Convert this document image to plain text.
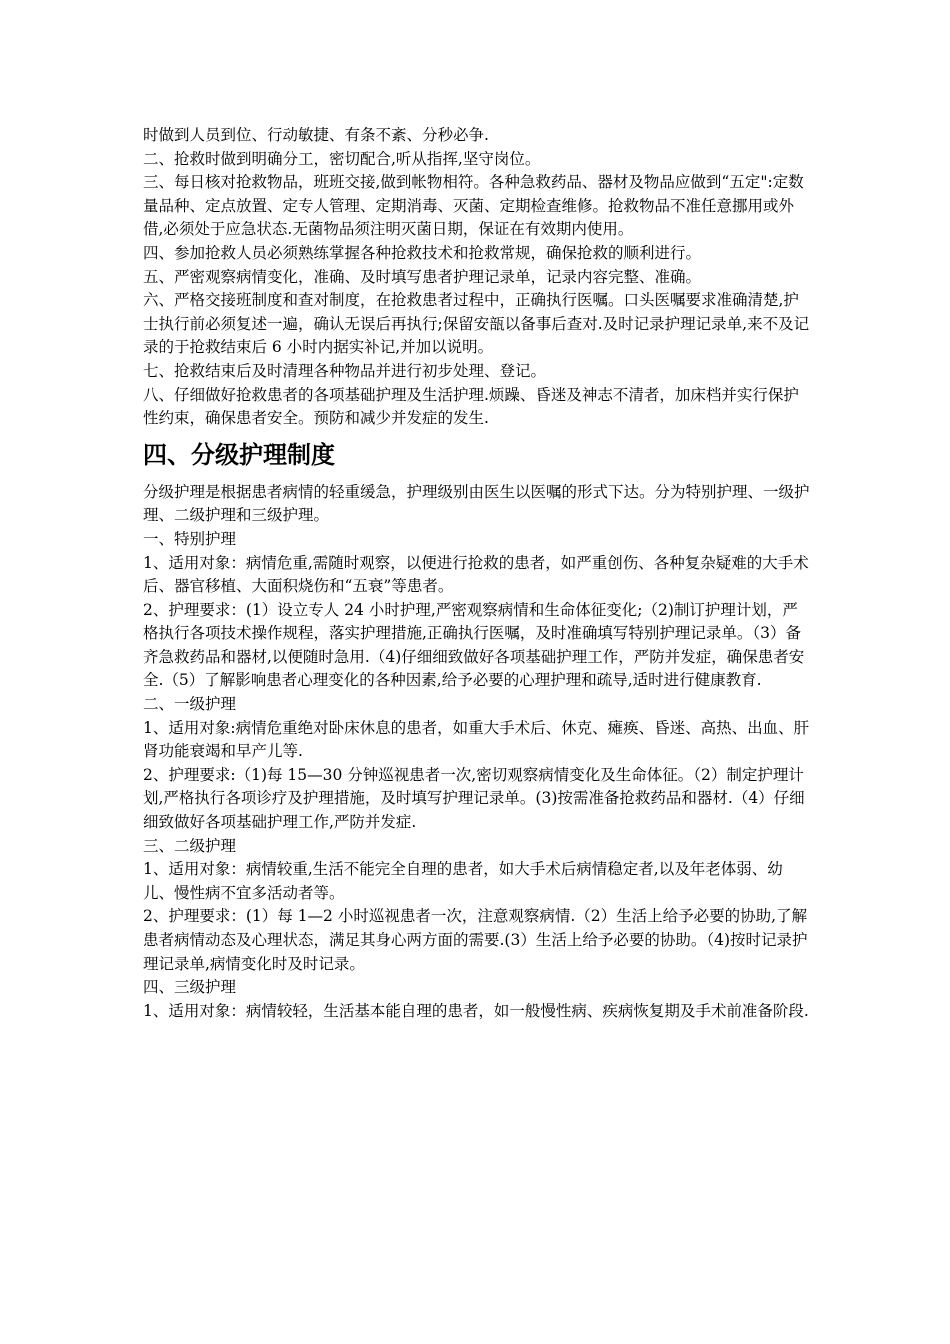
时做到人员到位、行动敏捷、有条不紊、分秒必争.

二、抢救时做到明确分工，密切配合,听从指挥,坚守岗位。

三、每日核对抢救物品，班班交接,做到帐物相符。各种急救药品、器材及物品应做到“五定":定数量品种、定点放置、定专人管理、定期消毒、灭菌、定期检查维修。抢救物品不准任意挪用或外借,必须处于应急状态.无菌物品须注明灭菌日期，保证在有效期内使用。

四、参加抢救人员必须熟练掌握各种抢救技术和抢救常规，确保抢救的顺利进行。

五、严密观察病情变化，准确、及时填写患者护理记录单，记录内容完整、准确。

六、严格交接班制度和查对制度，在抢救患者过程中，正确执行医嘱。口头医嘱要求准确清楚,护士执行前必须复述一遍，确认无误后再执行;保留安瓿以备事后查对.及时记录护理记录单,来不及记录的于抢救结束后 6 小时内据实补记,并加以说明。

七、抢救结束后及时清理各种物品并进行初步处理、登记。

八、仔细做好抢救患者的各项基础护理及生活护理.烦躁、昏迷及神志不清者，加床档并实行保护性约束，确保患者安全。预防和减少并发症的发生.

四、分级护理制度

分级护理是根据患者病情的轻重缓急，护理级别由医生以医嘱的形式下达。分为特别护理、一级护理、二级护理和三级护理。

一、特别护理

1、适用对象：病情危重,需随时观察，以便进行抢救的患者，如严重创伤、各种复杂疑难的大手术后、器官移植、大面积烧伤和“五衰”等患者。

2、护理要求：(1）设立专人 24 小时护理,严密观察病情和生命体征变化;（2)制订护理计划，严格执行各项技术操作规程，落实护理措施,正确执行医嘱，及时准确填写特别护理记录单。（3）备齐急救药品和器材,以便随时急用.（4)仔细细致做好各项基础护理工作，严防并发症，确保患者安全.（5）了解影响患者心理变化的各种因素,给予必要的心理护理和疏导,适时进行健康教育.

二、一级护理

1、适用对象:病情危重绝对卧床休息的患者，如重大手术后、休克、瘫痪、昏迷、高热、出血、肝肾功能衰竭和早产儿等.

2、护理要求:（1)每 15—30 分钟巡视患者一次,密切观察病情变化及生命体征。（2）制定护理计划,严格执行各项诊疗及护理措施，及时填写护理记录单。(3)按需准备抢救药品和器材.（4）仔细细致做好各项基础护理工作,严防并发症.

三、二级护理

1、适用对象：病情较重,生活不能完全自理的患者，如大手术后病情稳定者,以及年老体弱、幼儿、慢性病不宜多活动者等。

2、护理要求：(1）每 1—2 小时巡视患者一次，注意观察病情.（2）生活上给予必要的协助,了解患者病情动态及心理状态，满足其身心两方面的需要.(3）生活上给予必要的协助。（4)按时记录护理记录单,病情变化时及时记录。

四、三级护理

1、适用对象：病情较轻，生活基本能自理的患者，如一般慢性病、疾病恢复期及手术前准备阶段.
